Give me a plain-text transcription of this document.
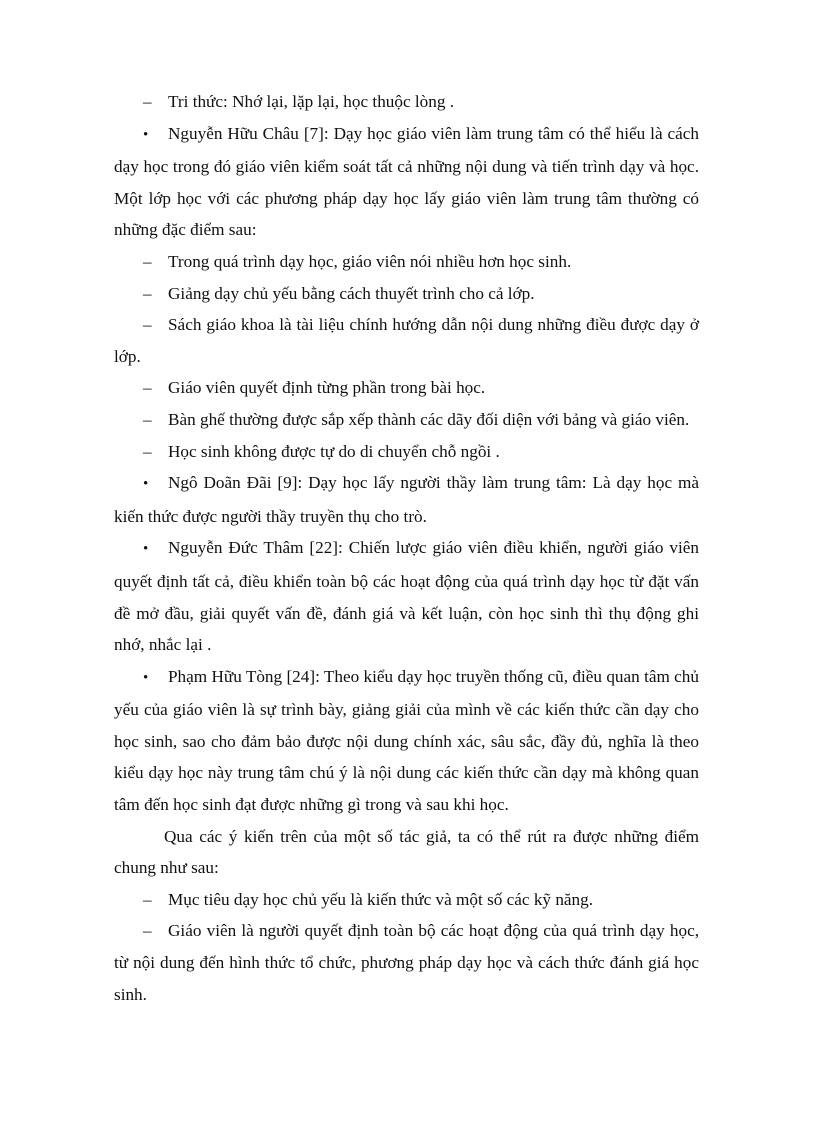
– Tri thức: Nhớ lại, lặp lại, học thuộc lòng .

• Nguyễn Hữu Châu [7]: Dạy học giáo viên làm trung tâm có thể hiểu là cách dạy học trong đó giáo viên kiểm soát tất cả những nội dung và tiến trình dạy và học. Một lớp học với các phương pháp dạy học lấy giáo viên làm trung tâm thường có những đặc điểm sau:

– Trong quá trình dạy học, giáo viên nói nhiều hơn học sinh.

– Giảng dạy chủ yếu bằng cách thuyết trình cho cả lớp.

– Sách giáo khoa là tài liệu chính hướng dẫn nội dung những điều được dạy ở lớp.

– Giáo viên quyết định từng phần trong bài học.

– Bàn ghế thường được sắp xếp thành các dãy đối diện với bảng và giáo viên.

– Học sinh không được tự do di chuyển chỗ ngồi .

• Ngô Doãn Đãi [9]: Dạy học lấy người thầy làm trung tâm: Là dạy học mà kiến thức được người thầy truyền thụ cho trò.

• Nguyễn Đức Thâm [22]: Chiến lược giáo viên điều khiển, người giáo viên quyết định tất cả, điều khiển toàn bộ các hoạt động của quá trình dạy học từ đặt vấn đề mở đầu, giải quyết vấn đề, đánh giá và kết luận, còn học sinh thì thụ động ghi nhớ, nhắc lại .

• Phạm Hữu Tòng [24]: Theo kiểu dạy học truyền thống cũ, điều quan tâm chủ yếu của giáo viên là sự trình bày, giảng giải của mình về các kiến thức cần dạy cho học sinh, sao cho đảm bảo được nội dung chính xác, sâu sắc, đầy đủ, nghĩa là theo kiểu dạy học này trung tâm chú ý là nội dung các kiến thức cần dạy mà không quan tâm đến học sinh đạt được những gì trong và sau khi học.

Qua các ý kiến trên của một số tác giả, ta có thể rút ra được những điểm chung như sau:

– Mục tiêu dạy học chủ yếu là kiến thức và một số các kỹ năng.

– Giáo viên là người quyết định toàn bộ các hoạt động của quá trình dạy học, từ nội dung đến hình thức tổ chức, phương pháp dạy học và cách thức đánh giá học sinh.
